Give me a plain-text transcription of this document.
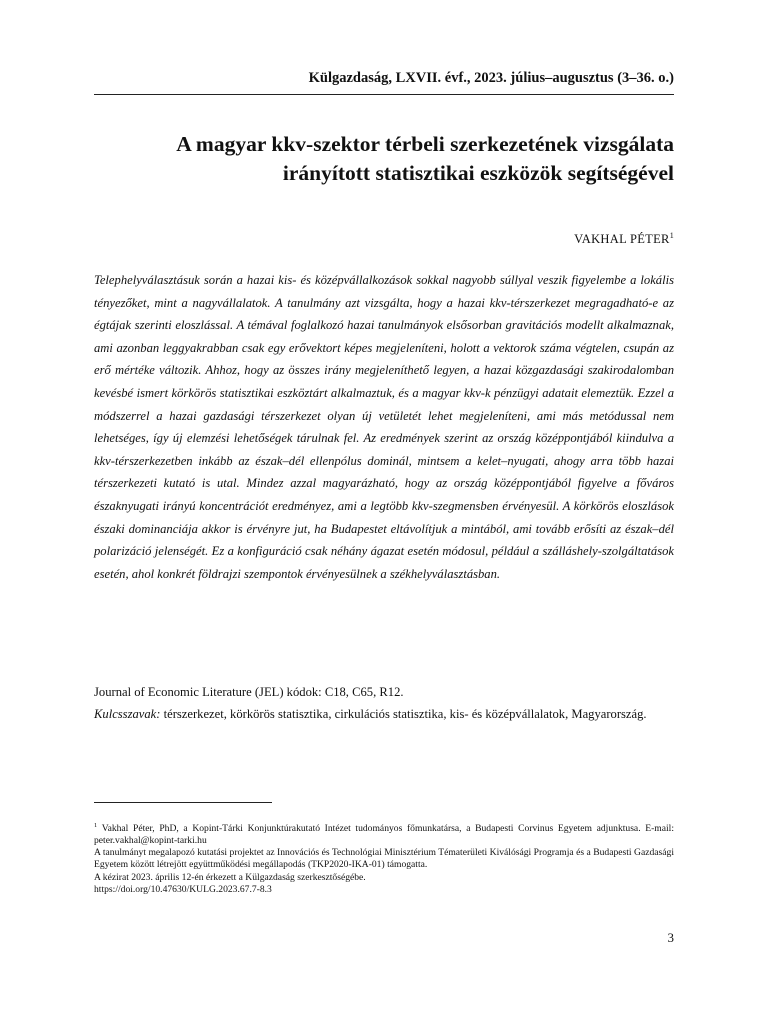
Külgazdaság, LXVII. évf., 2023. július–augusztus (3–36. o.)
A magyar kkv-szektor térbeli szerkezetének vizsgálata irányított statisztikai eszközök segítségével
VAKHAL PÉTER$^1$
Telephelyválasztásuk során a hazai kis- és középvállalkozások sokkal nagyobb súllyal veszik figyelembe a lokális tényezőket, mint a nagyvállalatok. A tanulmány azt vizsgálta, hogy a hazai kkv-térszerkezet megragadható-e az égtájak szerinti eloszlással. A témával foglalkozó hazai tanulmányok elsősorban gravitációs modellt alkalmaznak, ami azonban leggyakrabban csak egy erővektort képes megjeleníteni, holott a vektorok száma végtelen, csupán az erő mértéke változik. Ahhoz, hogy az összes irány megjeleníthető legyen, a hazai közgazdasági szakirodalomban kevésbé ismert körkörös statisztikai eszköztárt alkalmaztuk, és a magyar kkv-k pénzügyi adatait elemeztük. Ezzel a módszerrel a hazai gazdasági térszerkezet olyan új vetületét lehet megjeleníteni, ami más metódussal nem lehetséges, így új elemzési lehetőségek tárulnak fel. Az eredmények szerint az ország középpontjából kiindulva a kkv-térszerkezetben inkább az észak–dél ellenpólus dominál, mintsem a kelet–nyugati, ahogy arra több hazai térszerkezeti kutató is utal. Mindez azzal magyarázható, hogy az ország középpontjából figyelve a főváros északnyugati irányú koncentrációt eredményez, ami a legtöbb kkv-szegmensben érvényesül. A körkörös eloszlások északi dominanciája akkor is érvényre jut, ha Budapestet eltávolítjuk a mintából, ami tovább erősíti az észak–dél polarizáció jelenségét. Ez a konfiguráció csak néhány ágazat esetén módosul, például a szálláshely-szolgáltatások esetén, ahol konkrét földrajzi szempontok érvényesülnek a székhelyválasztásban.
Journal of Economic Literature (JEL) kódok: C18, C65, R12.
Kulcsszavak: térszerkezet, körkörös statisztika, cirkulációs statisztika, kis- és középvállalatok, Magyarország.

$^1$ Vakhal Péter, PhD, a Kopint-Tárki Konjunktúrakutató Intézet tudományos főmunkatársa, a Budapesti Corvinus Egyetem adjunktusa. E-mail: peter.vakhal@kopint-tarki.hu

A tanulmányt megalapozó kutatási projektet az Innovációs és Technológiai Minisztérium Tématerületi Kiválósági Programja és a Budapesti Gazdasági Egyetem között létrejött együttműködési megállapodás (TKP2020-IKA-01) támogatta.

A kézirat 2023. április 12-én érkezett a Külgazdaság szerkesztőségébe.

https://doi.org/10.47630/KULG.2023.67.7-8.3

3
